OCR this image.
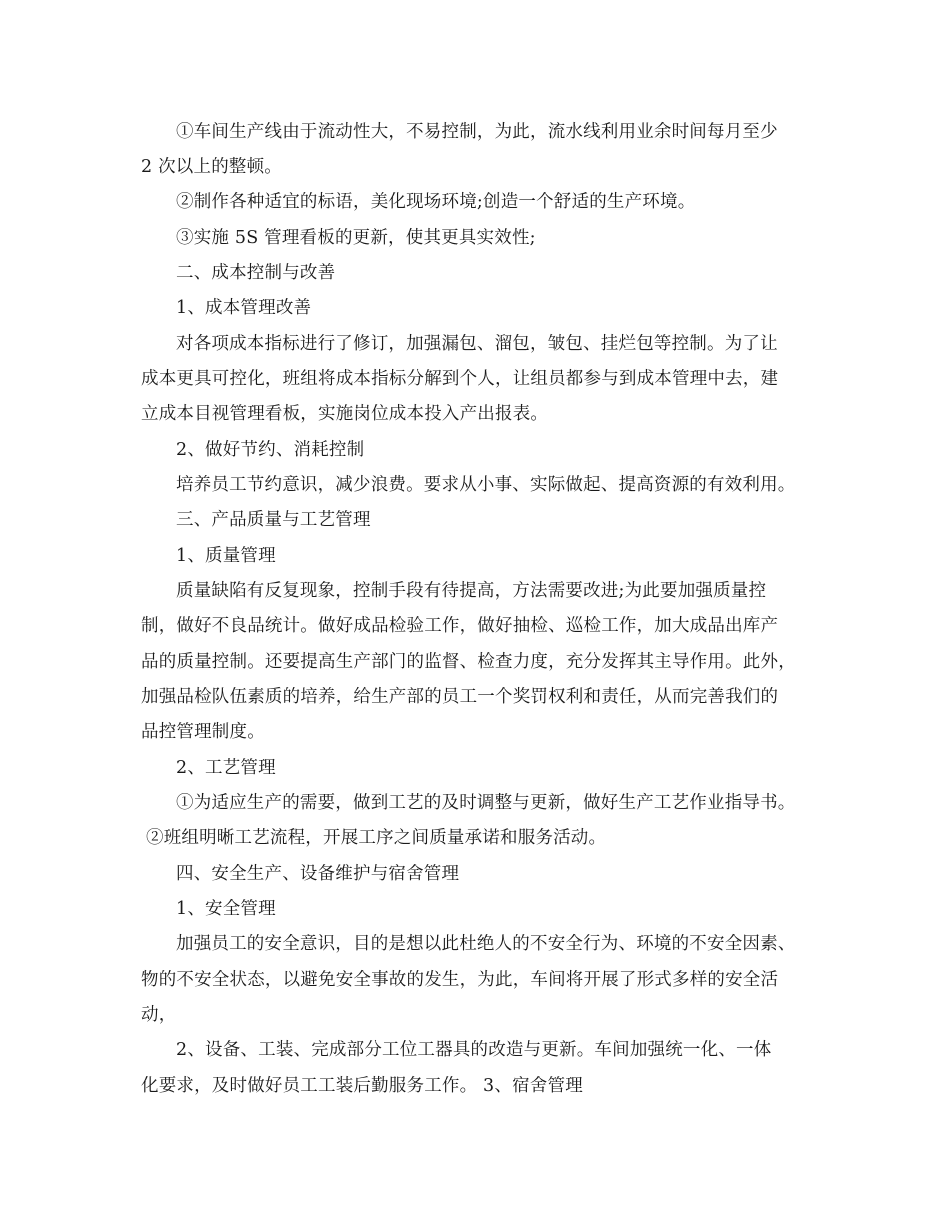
①车间生产线由于流动性大，不易控制，为此，流水线利用业余时间每月至少
2 次以上的整顿。
②制作各种适宜的标语，美化现场环境;创造一个舒适的生产环境。
③实施 5S 管理看板的更新，使其更具实效性;
二、成本控制与改善
1、成本管理改善
对各项成本指标进行了修订，加强漏包、溜包，皱包、挂烂包等控制。为了让
成本更具可控化，班组将成本指标分解到个人，让组员都参与到成本管理中去，建
立成本目视管理看板，实施岗位成本投入产出报表。
2、做好节约、消耗控制
培养员工节约意识，减少浪费。要求从小事、实际做起、提高资源的有效利用。
三、产品质量与工艺管理
1、质量管理
质量缺陷有反复现象，控制手段有待提高，方法需要改进;为此要加强质量控
制，做好不良品统计。做好成品检验工作，做好抽检、巡检工作，加大成品出库产
品的质量控制。还要提高生产部门的监督、检查力度，充分发挥其主导作用。此外，
加强品检队伍素质的培养，给生产部的员工一个奖罚权利和责任，从而完善我们的
品控管理制度。
2、工艺管理
①为适应生产的需要，做到工艺的及时调整与更新，做好生产工艺作业指导书。
②班组明晰工艺流程，开展工序之间质量承诺和服务活动。
四、安全生产、设备维护与宿舍管理
1、安全管理
加强员工的安全意识，目的是想以此杜绝人的不安全行为、环境的不安全因素、
物的不安全状态，以避免安全事故的发生，为此，车间将开展了形式多样的安全活
动，
2、设备、工装、完成部分工位工器具的改造与更新。车间加强统一化、一体
化要求，及时做好员工工装后勤服务工作。 3、宿舍管理
